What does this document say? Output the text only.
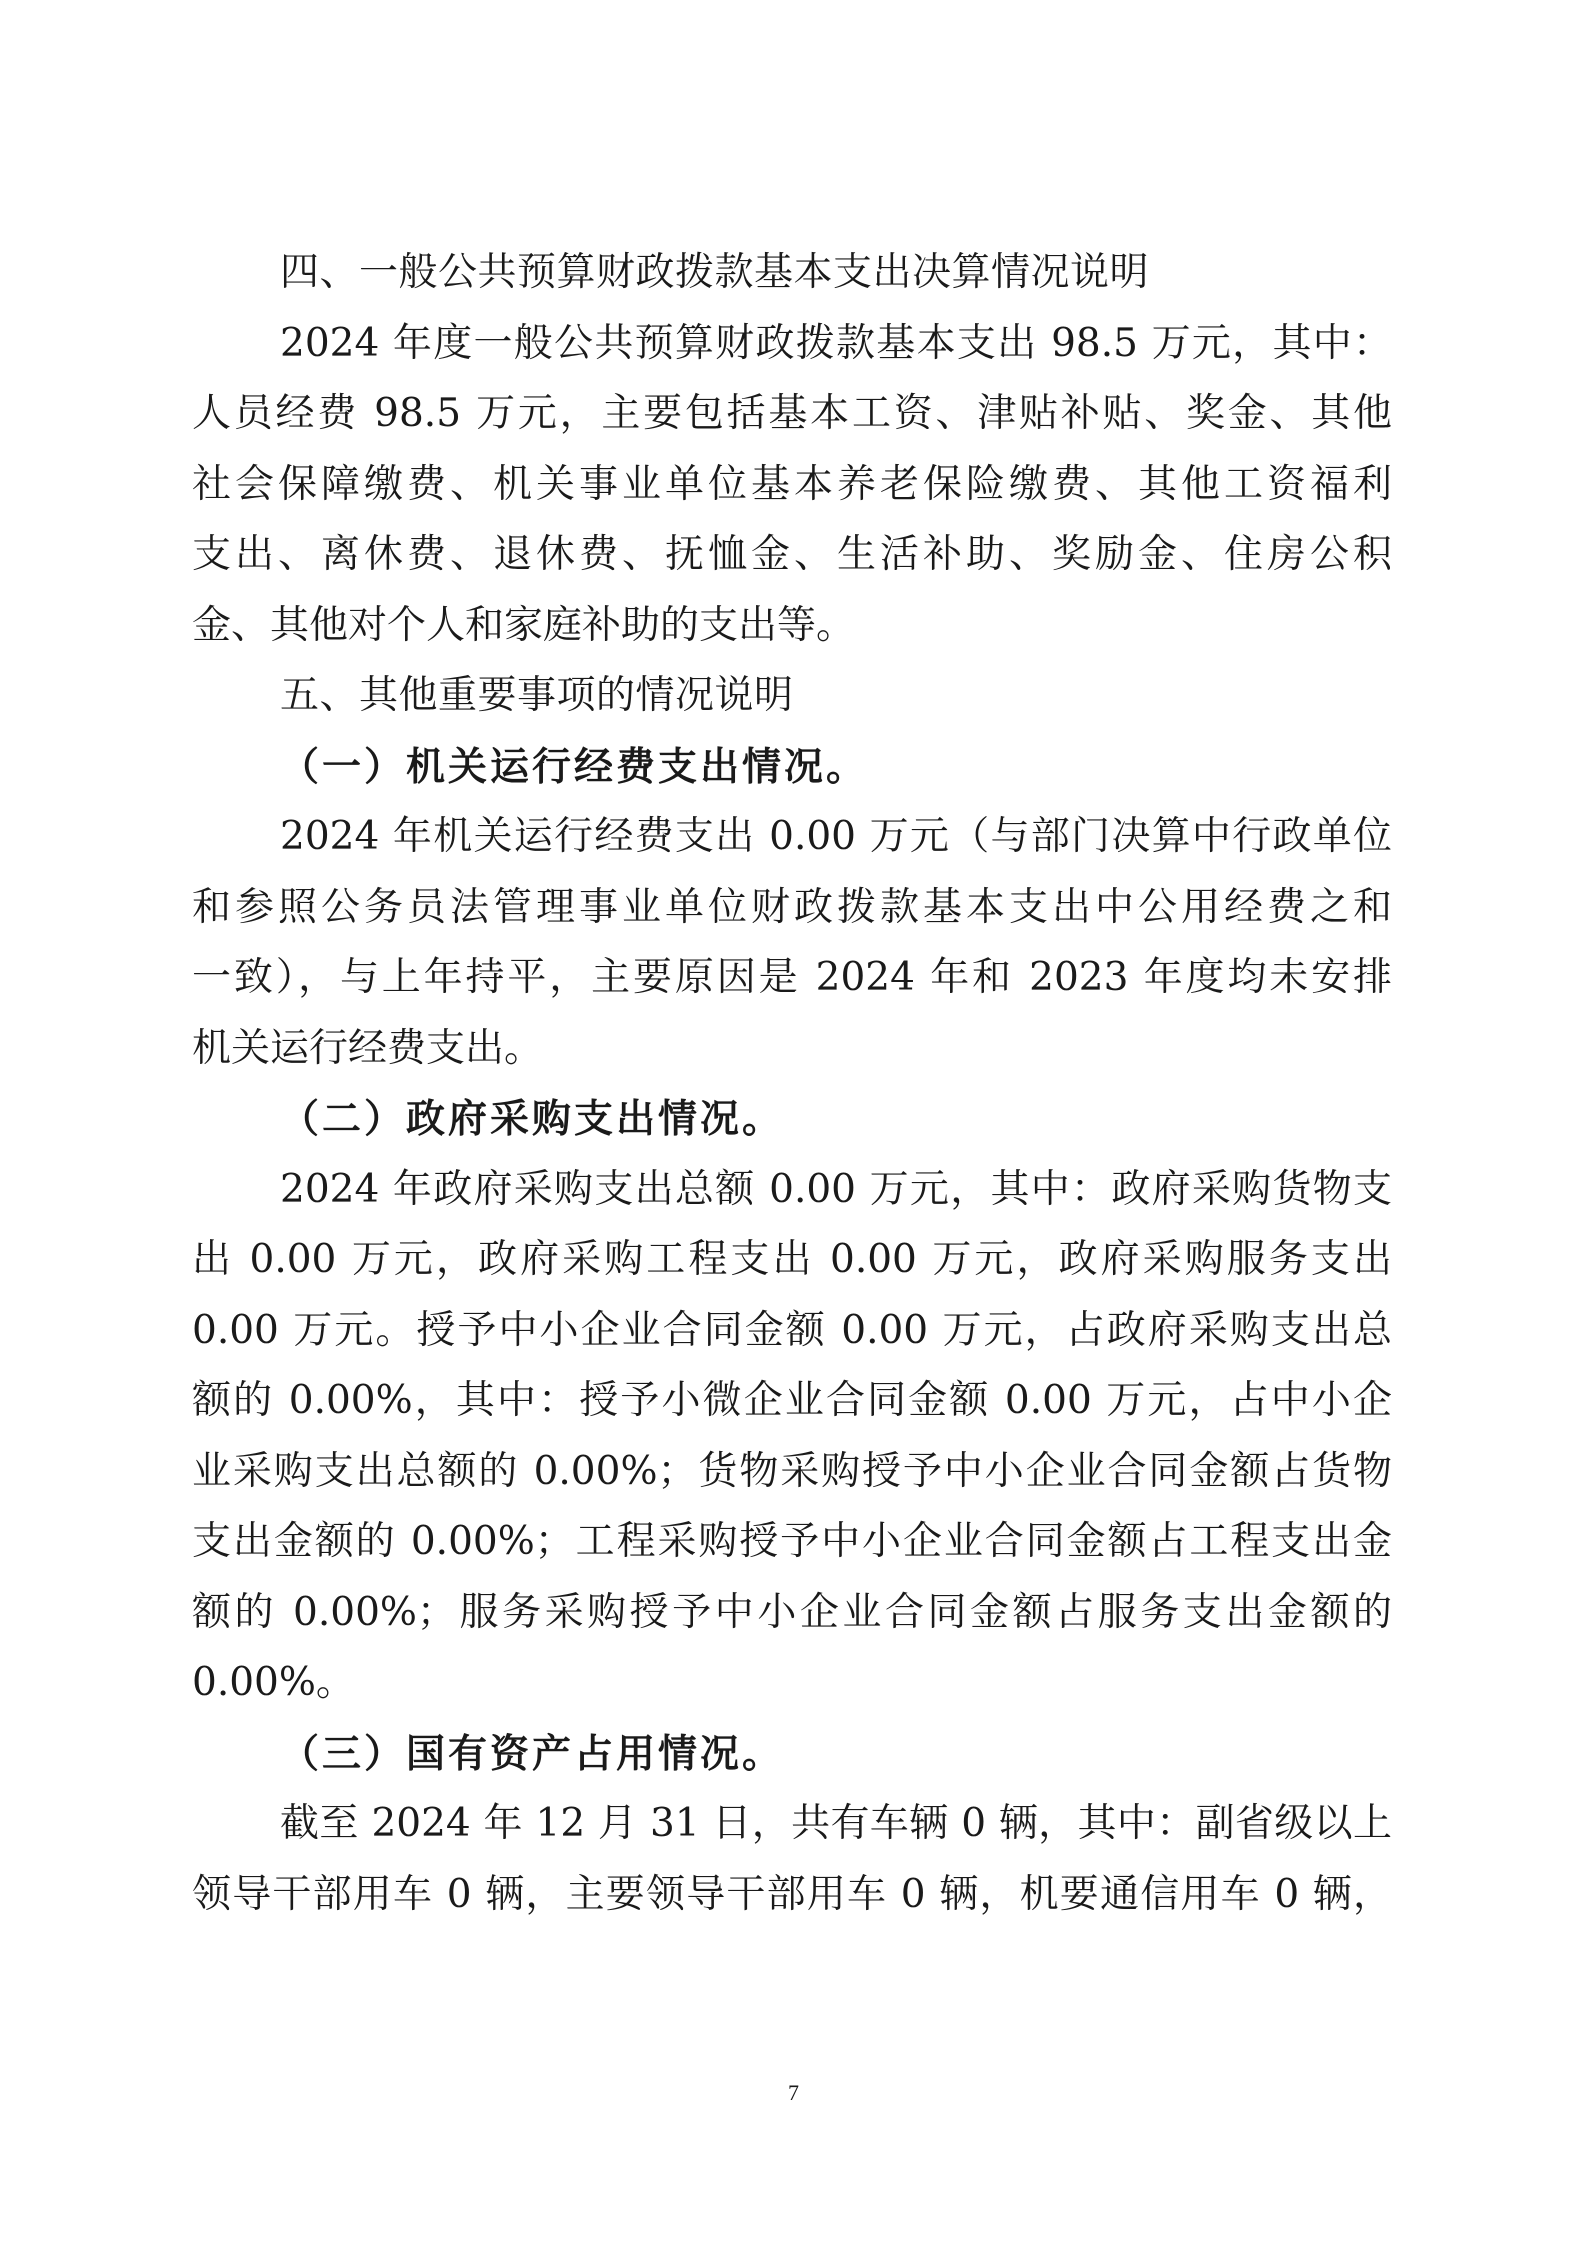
四、一般公共预算财政拨款基本支出决算情况说明
2024 年度一般公共预算财政拨款基本支出 98.5 万元，其中：
人员经费 98.5 万元，主要包括基本工资、津贴补贴、奖金、其他
社会保障缴费、机关事业单位基本养老保险缴费、其他工资福利
支出、离休费、退休费、抚恤金、生活补助、奖励金、住房公积
金、其他对个人和家庭补助的支出等。
五、其他重要事项的情况说明
（一）机关运行经费支出情况。
2024 年机关运行经费支出 0.00 万元（与部门决算中行政单位
和参照公务员法管理事业单位财政拨款基本支出中公用经费之和
一致），与上年持平，主要原因是 2024 年和 2023 年度均未安排
机关运行经费支出。
（二）政府采购支出情况。
2024 年政府采购支出总额 0.00 万元，其中：政府采购货物支
出 0.00 万元，政府采购工程支出 0.00 万元，政府采购服务支出
0.00 万元。授予中小企业合同金额 0.00 万元，占政府采购支出总
额的 0.00%，其中：授予小微企业合同金额 0.00 万元，占中小企
业采购支出总额的 0.00%；货物采购授予中小企业合同金额占货物
支出金额的 0.00%；工程采购授予中小企业合同金额占工程支出金
额的 0.00%；服务采购授予中小企业合同金额占服务支出金额的
0.00%。
（三）国有资产占用情况。
截至 2024 年 12 月 31 日，共有车辆 0 辆，其中：副省级以上
领导干部用车 0 辆，主要领导干部用车 0 辆，机要通信用车 0 辆，
7
